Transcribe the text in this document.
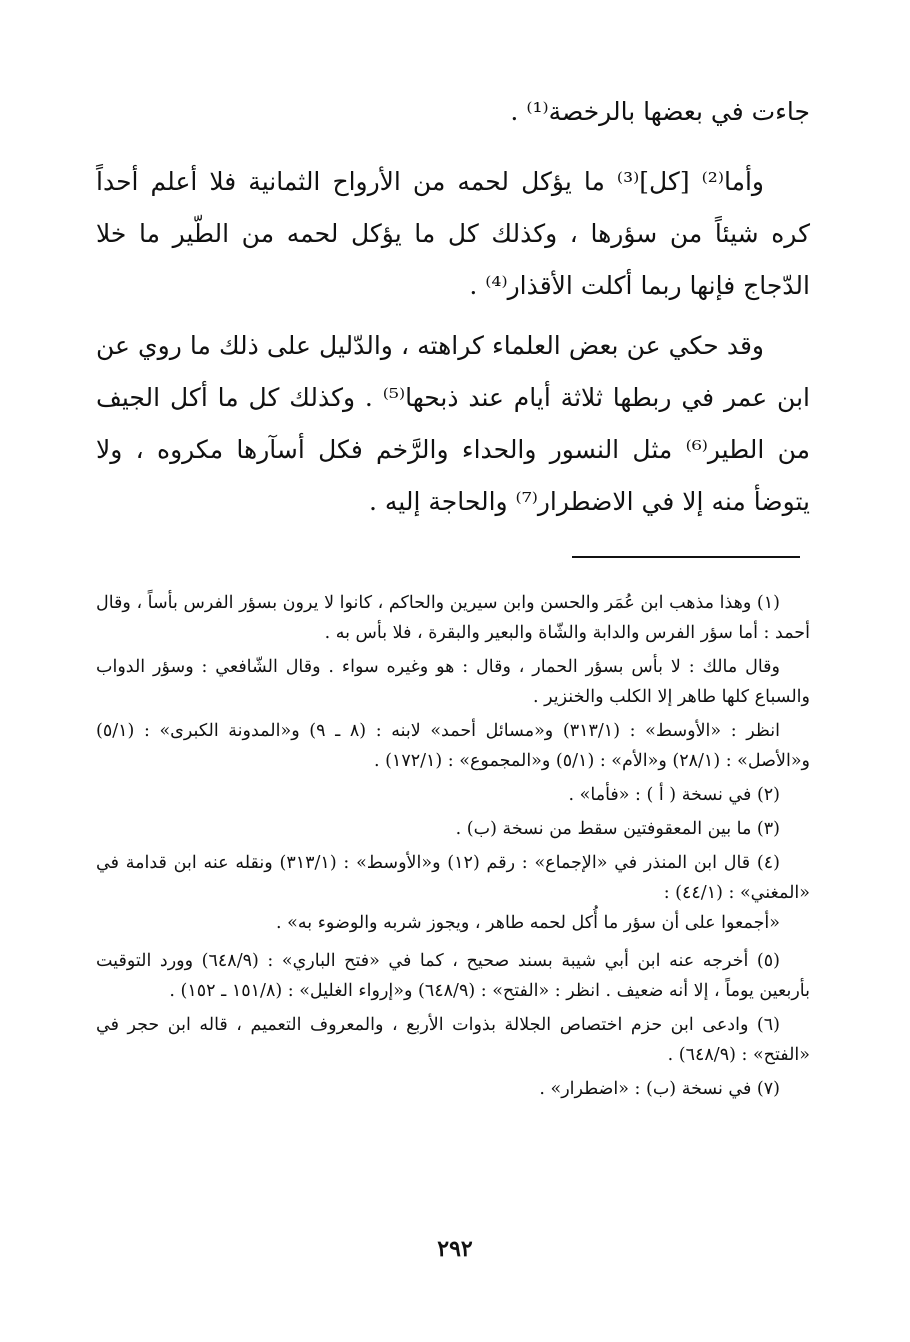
جاءت في بعضها بالرخصة⁽¹⁾ .

وأما⁽²⁾ [كل]⁽³⁾ ما يؤكل لحمه من الأرواح الثمانية فلا أعلم أحداً كره شيئاً من سؤرها ، وكذلك كل ما يؤكل لحمه من الطّير ما خلا الدّجاج فإنها ربما أكلت الأقذار⁽⁴⁾ .

وقد حكي عن بعض العلماء كراهته ، والدّليل على ذلك ما روي عن ابن عمر في ربطها ثلاثة أيام عند ذبحها⁽⁵⁾ . وكذلك كل ما أكل الجيف من الطير⁽⁶⁾ مثل النسور والحداء والرَّخم فكل أسآرها مكروه ، ولا يتوضأ منه إلا في الاضطرار⁽⁷⁾ والحاجة إليه .

(١) وهذا مذهب ابن عُمَر والحسن وابن سيرين والحاكم ، كانوا لا يرون بسؤر الفرس بأساً ، وقال أحمد : أما سؤر الفرس والدابة والشّاة والبعير والبقرة ، فلا بأس به .

وقال مالك : لا بأس بسؤر الحمار ، وقال : هو وغيره سواء . وقال الشّافعي : وسؤر الدواب والسباع كلها طاهر إلا الكلب والخنزير .

انظر : «الأوسط» : (٣١٣/١) و«مسائل أحمد» لابنه : (٨ ـ ٩) و«المدونة الكبرى» : (٥/١) و«الأصل» : (٢٨/١) و«الأم» : (٥/١) و«المجموع» : (١٧٢/١) .

(٢) في نسخة ( أ ) : «فأما» .

(٣) ما بين المعقوفتين سقط من نسخة (ب) .

(٤) قال ابن المنذر في «الإجماع» : رقم (١٢) و«الأوسط» : (٣١٣/١) ونقله عنه ابن قدامة في «المغني» : (٤٤/١) :

«أجمعوا على أن سؤر ما أُكل لحمه طاهر ، ويجوز شربه والوضوء به» .

(٥) أخرجه عنه ابن أبي شيبة بسند صحيح ، كما في «فتح الباري» : (٦٤٨/٩) وورد التوقيت بأربعين يوماً ، إلا أنه ضعيف . انظر : «الفتح» : (٦٤٨/٩) و«إرواء الغليل» : (١٥١/٨ ـ ١٥٢) .

(٦) وادعى ابن حزم اختصاص الجلالة بذوات الأربع ، والمعروف التعميم ، قاله ابن حجر في «الفتح» : (٦٤٨/٩) .

(٧) في نسخة (ب) : «اضطرار» .

٢٩٢
